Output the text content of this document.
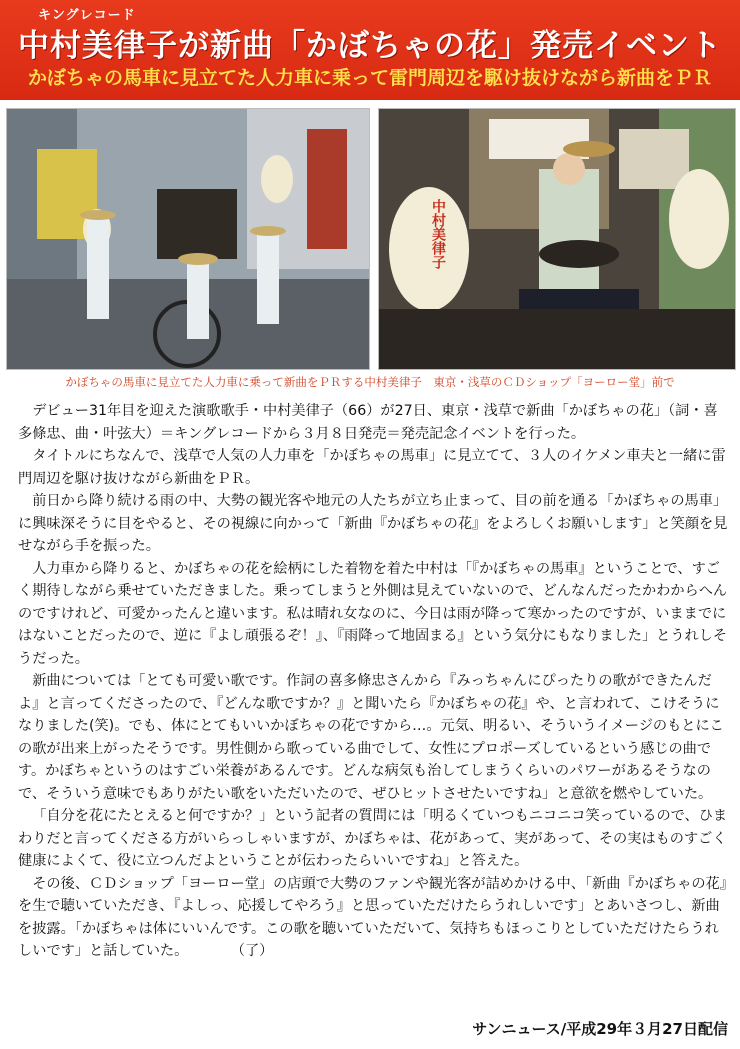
キングレコード
中村美律子が新曲「かぼちゃの花」発売イベント
かぼちゃの馬車に見立てた人力車に乗って雷門周辺を駆け抜けながら新曲をＰＲ
中村美律子
かぼちゃの馬車に見立てた人力車に乗って新曲をＰＲする中村美律子　東京・浅草のＣＤショップ「ヨーロー堂」前で

デビュー31年目を迎えた演歌歌手・中村美律子（66）が27日、東京・浅草で新曲「かぼちゃの花」（詞・喜多條忠、曲・叶弦大）＝キングレコードから３月８日発売＝発売記念イベントを行った。

タイトルにちなんで、浅草で人気の人力車を「かぼちゃの馬車」に見立てて、３人のイケメン車夫と一緒に雷門周辺を駆け抜けながら新曲をＰＲ。

前日から降り続ける雨の中、大勢の観光客や地元の人たちが立ち止まって、目の前を通る「かぼちゃの馬車」に興味深そうに目をやると、その視線に向かって「新曲『かぼちゃの花』をよろしくお願いします」と笑顔を見せながら手を振った。

人力車から降りると、かぼちゃの花を絵柄にした着物を着た中村は「『かぼちゃの馬車』ということで、すごく期待しながら乗せていただきました。乗ってしまうと外側は見えていないので、どんなんだったかわからへんのですけれど、可愛かったんと違います。私は晴れ女なのに、今日は雨が降って寒かったのですが、いままでにはないことだったので、逆に『よし頑張るぞ！』、『雨降って地固まる』という気分にもなりました」とうれしそうだった。

新曲については「とても可愛い歌です。作詞の喜多條忠さんから『みっちゃんにぴったりの歌ができたんだよ』と言ってくださったので、『どんな歌ですか？』と聞いたら『かぼちゃの花』や、と言われて、こけそうになりました(笑)。でも、体にとてもいいかぼちゃの花ですから…。元気、明るい、そういうイメージのもとにこの歌が出来上がったそうです。男性側から歌っている曲でして、女性にプロポーズしているという感じの曲です。かぼちゃというのはすごい栄養があるんです。どんな病気も治してしまうくらいのパワーがあるそうなので、そういう意味でもありがたい歌をいただいたので、ぜひヒットさせたいですね」と意欲を燃やしていた。

「自分を花にたとえると何ですか？」という記者の質問には「明るくていつもニコニコ笑っているので、ひまわりだと言ってくださる方がいらっしゃいますが、かぼちゃは、花があって、実があって、その実はものすごく健康によくて、役に立つんだよということが伝わったらいいですね」と答えた。

その後、ＣＤショップ「ヨーロー堂」の店頭で大勢のファンや観光客が詰めかける中、「新曲『かぼちゃの花』を生で聴いていただき、『よしっ、応援してやろう』と思っていただけたらうれしいです」とあいさつし、新曲を披露。「かぼちゃは体にいいんです。この歌を聴いていただいて、気持ちもほっこりとしていただけたらうれしいです」と話していた。　　　　（了）

サンニュース/平成29年３月27日配信
